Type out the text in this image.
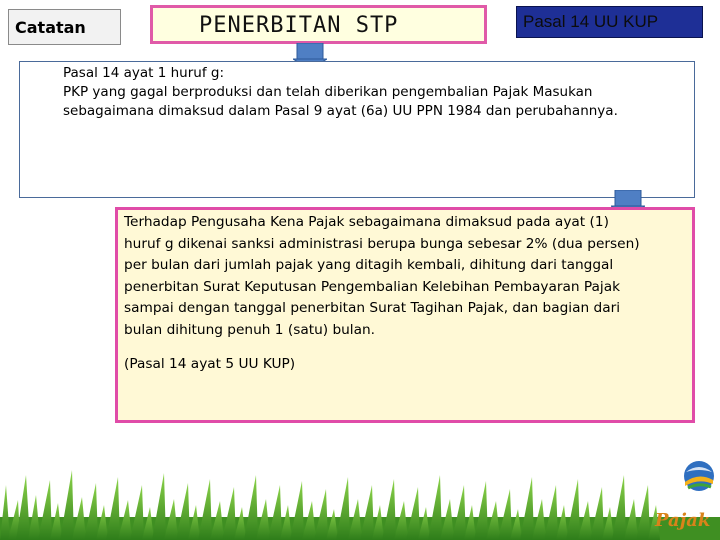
Catatan	PENERBITAN STP	Pasal 14 UU KUP
Pasal 14 ayat 1 huruf g:
PKP yang gagal berproduksi dan telah diberikan pengembalian Pajak Masukan
sebagaimana dimaksud dalam Pasal 9 ayat (6a) UU PPN 1984 dan perubahannya.

Terhadap Pengusaha Kena Pajak sebagaimana dimaksud pada ayat (1)

huruf g dikenai sanksi administrasi berupa bunga sebesar 2% (dua persen)

per bulan dari jumlah pajak yang ditagih kembali, dihitung dari tanggal

penerbitan Surat Keputusan Pengembalian Kelebihan Pembayaran Pajak

sampai dengan tanggal penerbitan Surat Tagihan Pajak, dan bagian dari

bulan dihitung penuh 1 (satu) bulan.

(Pasal 14 ayat 5 UU KUP)

Pajak
